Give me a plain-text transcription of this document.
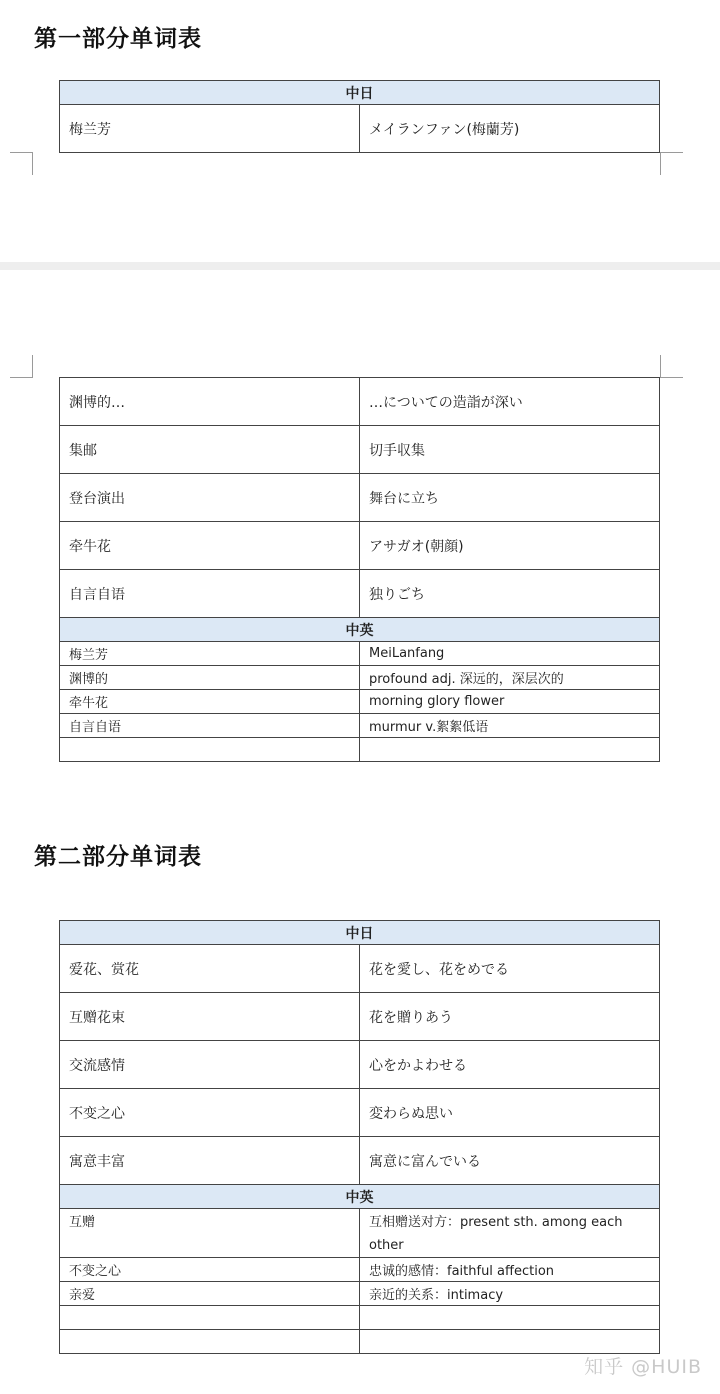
第一部分单词表
中日
梅兰芳	メイランファン(梅蘭芳)
渊博的…	…についての造詣が深い
集邮	切手収集
登台演出	舞台に立ち
牵牛花	アサガオ(朝顔)
自言自语	独りごち
中英	
梅兰芳	MeiLanfang
渊博的	profound adj. 深远的，深层次的
牵牛花	morning glory flower
自言自语	murmur v.絮絮低语

第二部分单词表
中日	
爱花、赏花	花を愛し、花をめでる
互赠花束	花を贈りあう
交流感情	心をかよわせる
不变之心	変わらぬ思い
寓意丰富	寓意に富んでいる
中英	
互赠	互相赠送对方：present sth. among each other
不变之心	忠诚的感情：faithful affection
亲爱	亲近的关系：intimacy

知乎 @HUIB
